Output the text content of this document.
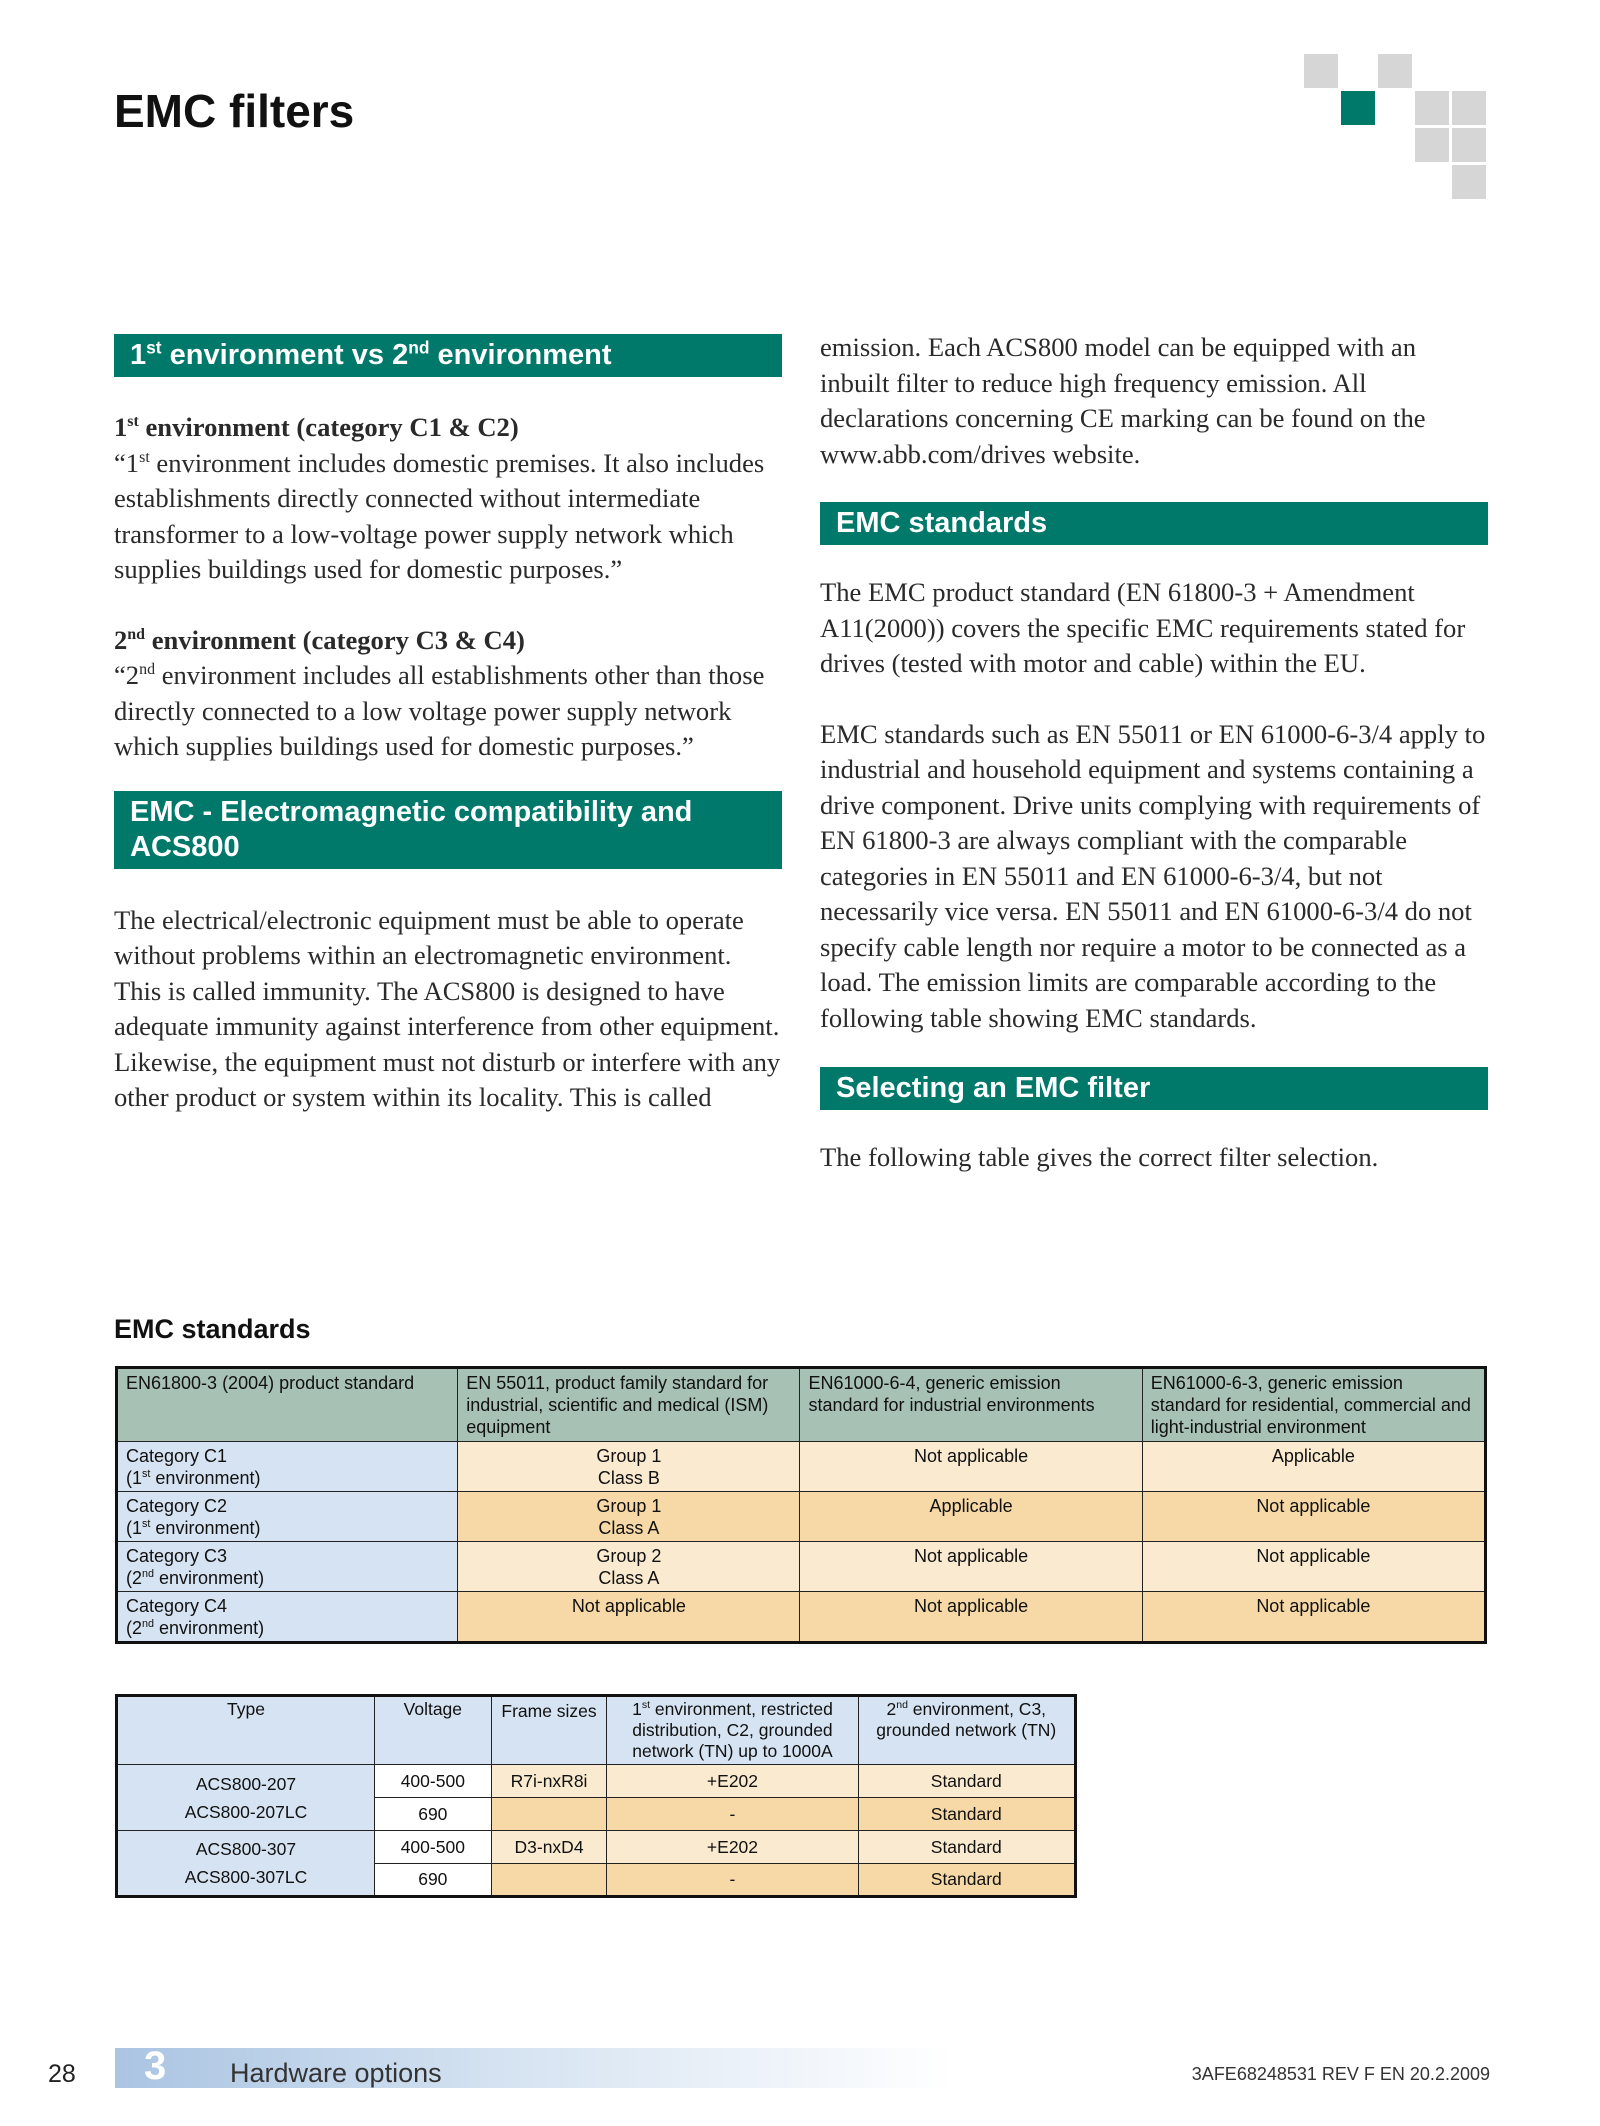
EMC filters
1st environment vs 2nd environment

1st environment (category C1 & C2)

“1st environment includes domestic premises. It also includes establishments directly connected without intermediate transformer to a low-voltage power supply network which supplies buildings used for domestic purposes.”

2nd environment (category C3 & C4)

“2nd environment includes all establishments other than those directly connected to a low voltage power supply network which supplies buildings used for domestic purposes.”

EMC - Electromagnetic compatibility and ACS800

The electrical/electronic equipment must be able to operate without problems within an electromagnetic environment. This is called immunity. The ACS800 is designed to have adequate immunity against interference from other equipment. Likewise, the equipment must not disturb or interfere with any other product or system within its locality. This is called

emission. Each ACS800 model can be equipped with an inbuilt filter to reduce high frequency emission. All declarations concerning CE marking can be found on the www.abb.com/drives website.

EMC standards

The EMC product standard (EN 61800-3 + Amendment A11(2000)) covers the specific EMC requirements stated for drives (tested with motor and cable) within the EU.

EMC standards such as EN 55011 or EN 61000-6-3/4 apply to industrial and household equipment and systems containing a drive component. Drive units complying with requirements of EN 61800-3 are always compliant with the comparable categories in EN 55011 and EN 61000-6-3/4, but not necessarily vice versa. EN 55011 and EN 61000-6-3/4 do not specify cable length nor require a motor to be connected as a load. The emission limits are comparable according to the following table showing EMC standards.

Selecting an EMC filter

The following table gives the correct filter selection.

EMC standards
EN61800-3 (2004) product standard	EN 55011, product family standard for industrial, scientific and medical (ISM) equipment	EN61000-6-4, generic emission standard for industrial environments	EN61000-6-3, generic emission standard for residential, commercial and light-industrial environment
Category C1
(1st environment)	Group 1
Class B	Not applicable	Applicable
Category C2
(1st environment)	Group 1
Class A	Applicable	Not applicable
Category C3
(2nd environment)	Group 2
Class A	Not applicable	Not applicable
Category C4
(2nd environment)	Not applicable	Not applicable	Not applicable
Type	Voltage	Frame sizes	1st environment, restricted distribution, C2, grounded network (TN) up to 1000A	2nd environment, C3, grounded network (TN)
ACS800-207
ACS800-207LC	400-500	R7i-nxR8i	+E202	Standard
	690		-	Standard
ACS800-307
ACS800-307LC	400-500	D3-nxD4	+E202	Standard
	690		-	Standard
28 3 Hardware options	3AFE68248531 REV F EN 20.2.2009
